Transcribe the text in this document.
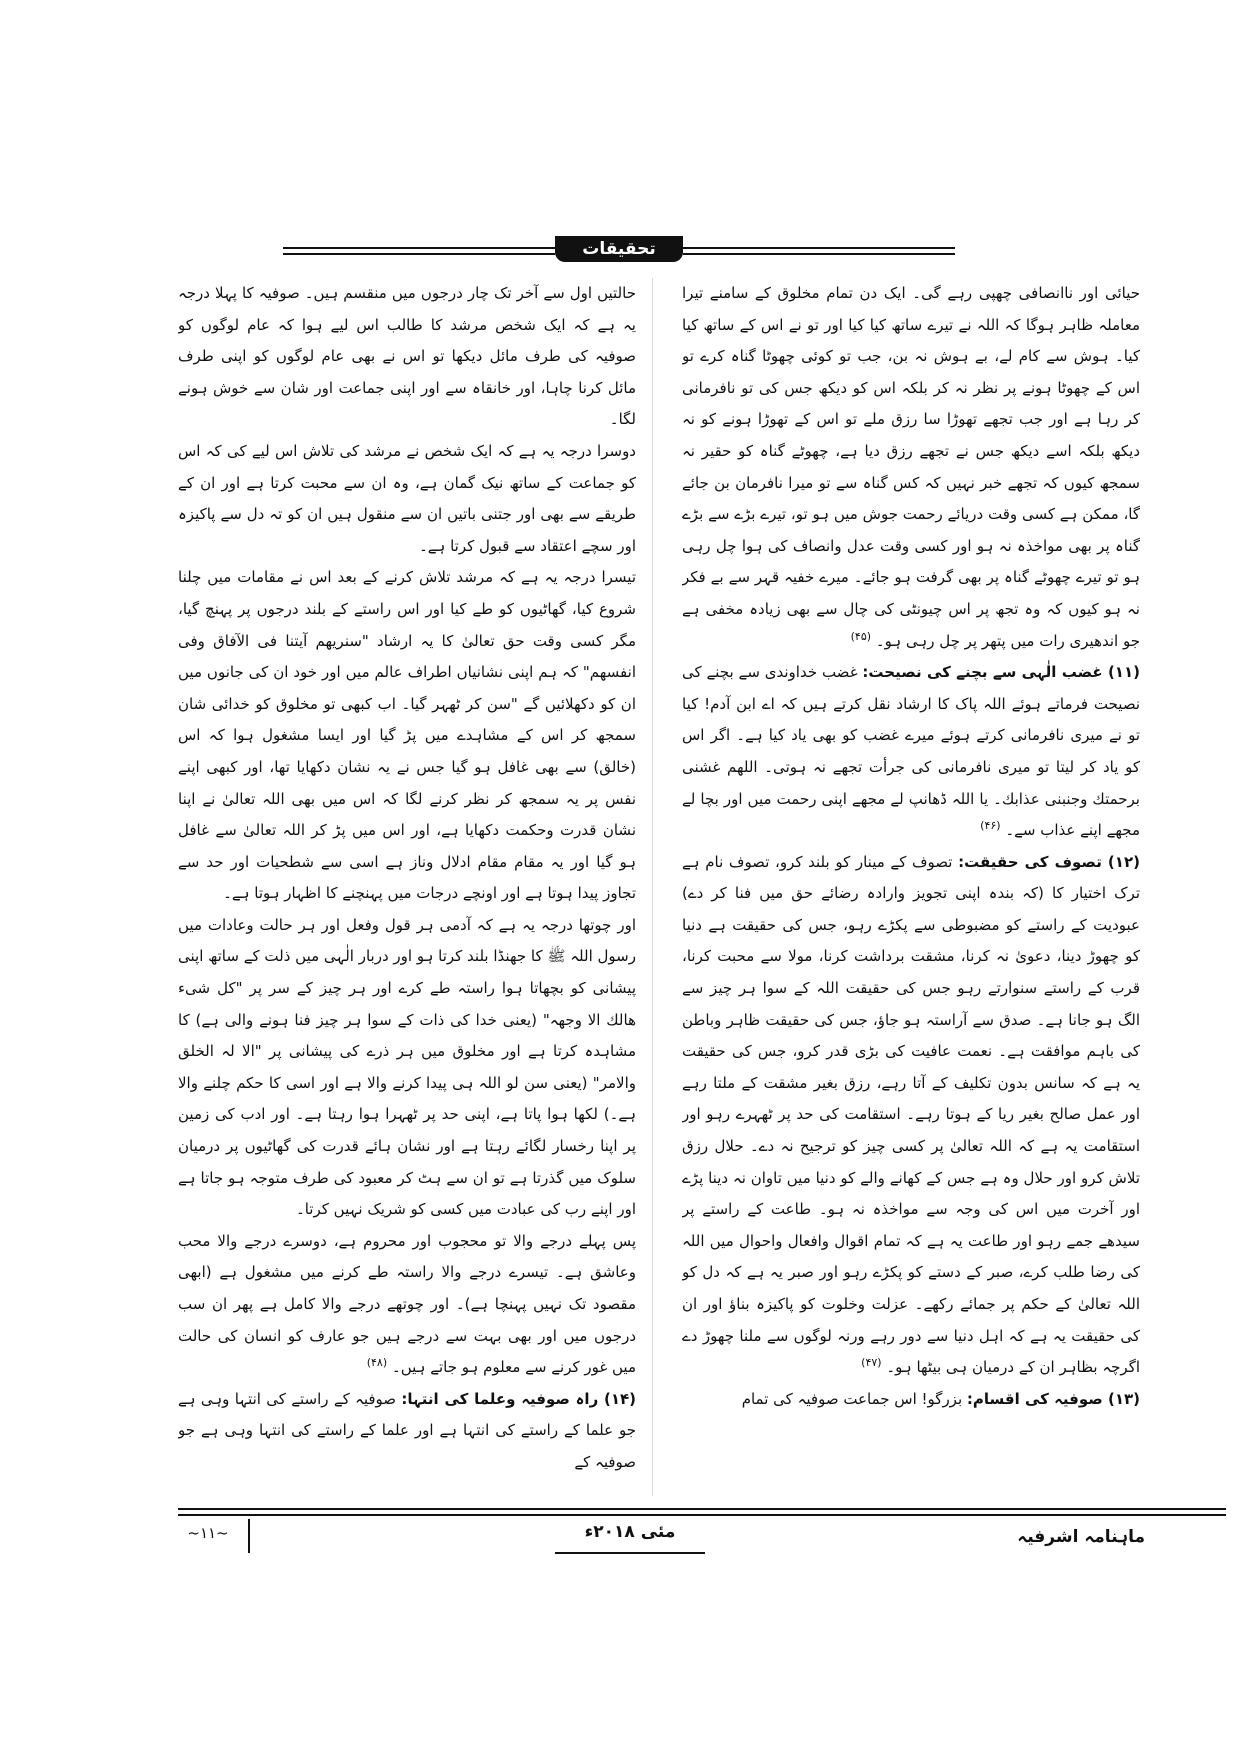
تحقیقات

حیائی اور ناانصافی چھپی رہے گی۔ ایک دن تمام مخلوق کے سامنے تیرا معاملہ ظاہر ہوگا کہ اللہ نے تیرے ساتھ کیا کیا اور تو نے اس کے ساتھ کیا کیا۔ ہوش سے کام لے، بے ہوش نہ بن، جب تو کوئی چھوٹا گناہ کرے تو اس کے چھوٹا ہونے پر نظر نہ کر بلکہ اس کو دیکھ جس کی تو نافرمانی کر رہا ہے اور جب تجھے تھوڑا سا رزق ملے تو اس کے تھوڑا ہونے کو نہ دیکھ بلکہ اسے دیکھ جس نے تجھے رزق دیا ہے، چھوٹے گناہ کو حقیر نہ سمجھ کیوں کہ تجھے خبر نہیں کہ کس گناہ سے تو میرا نافرمان بن جائے گا، ممکن ہے کسی وقت دریائے رحمت جوش میں ہو تو، تیرے بڑے سے بڑے گناہ پر بھی مواخذہ نہ ہو اور کسی وقت عدل وانصاف کی ہوا چل رہی ہو تو تیرے چھوٹے گناہ پر بھی گرفت ہو جائے۔ میرے خفیہ قہر سے بے فکر نہ ہو کیوں کہ وہ تجھ پر اس چیونٹی کی چال سے بھی زیادہ مخفی ہے جو اندھیری رات میں پتھر پر چل رہی ہو۔ $^{(۴۵)}$

(۱۱) غضب الٰہی سے بچنے کی نصیحت: غضب خداوندی سے بچنے کی نصیحت فرماتے ہوئے اللہ پاک کا ارشاد نقل کرتے ہیں کہ اے ابن آدم! کیا تو نے میری نافرمانی کرتے ہوئے میرے غضب کو بھی یاد کیا ہے۔ اگر اس کو یاد کر لیتا تو میری نافرمانی کی جرأت تجھے نہ ہوتی۔ اللھم غشنی برحمتك وجنبنی عذابك۔ یا اللہ ڈھانپ لے مجھے اپنی رحمت میں اور بچا لے مجھے اپنے عذاب سے۔ $^{(۴۶)}$

(۱۲) تصوف کی حقیقت: تصوف کے مینار کو بلند کرو، تصوف نام ہے ترک اختیار کا (کہ بندہ اپنی تجویز وارادہ رضائے حق میں فنا کر دے) عبودیت کے راستے کو مضبوطی سے پکڑے رہو، جس کی حقیقت ہے دنیا کو چھوڑ دینا، دعویٰ نہ کرنا، مشقت برداشت کرنا، مولا سے محبت کرنا، قرب کے راستے سنوارتے رہو جس کی حقیقت اللہ کے سوا ہر چیز سے الگ ہو جانا ہے۔ صدق سے آراستہ ہو جاؤ، جس کی حقیقت ظاہر وباطن کی باہم موافقت ہے۔ نعمت عافیت کی بڑی قدر کرو، جس کی حقیقت یہ ہے کہ سانس بدون تکلیف کے آتا رہے، رزق بغیر مشقت کے ملتا رہے اور عمل صالح بغیر ریا کے ہوتا رہے۔ استقامت کی حد پر ٹھہرے رہو اور استقامت یہ ہے کہ اللہ تعالیٰ پر کسی چیز کو ترجیح نہ دے۔ حلال رزق تلاش کرو اور حلال وہ ہے جس کے کھانے والے کو دنیا میں تاوان نہ دینا پڑے اور آخرت میں اس کی وجہ سے مواخذہ نہ ہو۔ طاعت کے راستے پر سیدھے جمے رہو اور طاعت یہ ہے کہ تمام اقوال وافعال واحوال میں اللہ کی رضا طلب کرے، صبر کے دستے کو پکڑے رہو اور صبر یہ ہے کہ دل کو اللہ تعالیٰ کے حکم پر جمائے رکھے۔ عزلت وخلوت کو پاکیزہ بناؤ اور ان کی حقیقت یہ ہے کہ اہل دنیا سے دور رہے ورنہ لوگوں سے ملنا چھوڑ دے اگرچہ بظاہر ان کے درمیان ہی بیٹھا ہو۔ $^{(۴۷)}$

(۱۳) صوفیہ کی اقسام: بزرگو! اس جماعت صوفیہ کی تمام

حالتیں اول سے آخر تک چار درجوں میں منقسم ہیں۔ صوفیہ کا پہلا درجہ یہ ہے کہ ایک شخص مرشد کا طالب اس لیے ہوا کہ عام لوگوں کو صوفیہ کی طرف مائل دیکھا تو اس نے بھی عام لوگوں کو اپنی طرف مائل کرنا چاہا، اور خانقاہ سے اور اپنی جماعت اور شان سے خوش ہونے لگا۔

دوسرا درجہ یہ ہے کہ ایک شخص نے مرشد کی تلاش اس لیے کی کہ اس کو جماعت کے ساتھ نیک گمان ہے، وہ ان سے محبت کرتا ہے اور ان کے طریقے سے بھی اور جتنی باتیں ان سے منقول ہیں ان کو تہ دل سے پاکیزہ اور سچے اعتقاد سے قبول کرتا ہے۔

تیسرا درجہ یہ ہے کہ مرشد تلاش کرنے کے بعد اس نے مقامات میں چلنا شروع کیا، گھاٹیوں کو طے کیا اور اس راستے کے بلند درجوں پر پہنچ گیا، مگر کسی وقت حق تعالیٰ کا یہ ارشاد "سنریھم آیتنا فی الآفاق وفی انفسھم" کہ ہم اپنی نشانیاں اطراف عالم میں اور خود ان کی جانوں میں ان کو دکھلائیں گے "سن کر ٹھہر گیا۔ اب کبھی تو مخلوق کو خدائی شان سمجھ کر اس کے مشاہدے میں پڑ گیا اور ایسا مشغول ہوا کہ اس (خالق) سے بھی غافل ہو گیا جس نے یہ نشان دکھایا تھا، اور کبھی اپنے نفس پر یہ سمجھ کر نظر کرنے لگا کہ اس میں بھی اللہ تعالیٰ نے اپنا نشان قدرت وحکمت دکھایا ہے، اور اس میں پڑ کر اللہ تعالیٰ سے غافل ہو گیا اور یہ مقام مقام ادلال وناز ہے اسی سے شطحیات اور حد سے تجاوز پیدا ہوتا ہے اور اونچے درجات میں پہنچنے کا اظہار ہوتا ہے۔

اور چوتھا درجہ یہ ہے کہ آدمی ہر قول وفعل اور ہر حالت وعادات میں رسول اللہ ﷺ کا جھنڈا بلند کرتا ہو اور دربار الٰہی میں ذلت کے ساتھ اپنی پیشانی کو بچھاتا ہوا راستہ طے کرے اور ہر چیز کے سر پر "کل شیء ھالك الا وجھہ" (یعنی خدا کی ذات کے سوا ہر چیز فنا ہونے والی ہے) کا مشاہدہ کرتا ہے اور مخلوق میں ہر ذرے کی پیشانی پر "الا لہ الخلق والامر" (یعنی سن لو اللہ ہی پیدا کرنے والا ہے اور اسی کا حکم چلنے والا ہے۔) لکھا ہوا پاتا ہے، اپنی حد پر ٹھہرا ہوا رہتا ہے۔ اور ادب کی زمین پر اپنا رخسار لگائے رہتا ہے اور نشان ہائے قدرت کی گھاٹیوں پر درمیان سلوک میں گذرتا ہے تو ان سے ہٹ کر معبود کی طرف متوجہ ہو جاتا ہے اور اپنے رب کی عبادت میں کسی کو شریک نہیں کرتا۔

پس پہلے درجے والا تو محجوب اور محروم ہے، دوسرے درجے والا محب وعاشق ہے۔ تیسرے درجے والا راستہ طے کرنے میں مشغول ہے (ابھی مقصود تک نہیں پہنچا ہے)۔ اور چوتھے درجے والا کامل ہے پھر ان سب درجوں میں اور بھی بہت سے درجے ہیں جو عارف کو انسان کی حالت میں غور کرنے سے معلوم ہو جاتے ہیں۔ $^{(۴۸)}$

(۱۴) راہ صوفیہ وعلما کی انتہا: صوفیہ کے راستے کی انتہا وہی ہے جو علما کے راستے کی انتہا ہے اور علما کے راستے کی انتہا وہی ہے جو صوفیہ کے

ماہنامہ اشرفیہ
مئی ۲۰۱۸ء
~۱۱~
